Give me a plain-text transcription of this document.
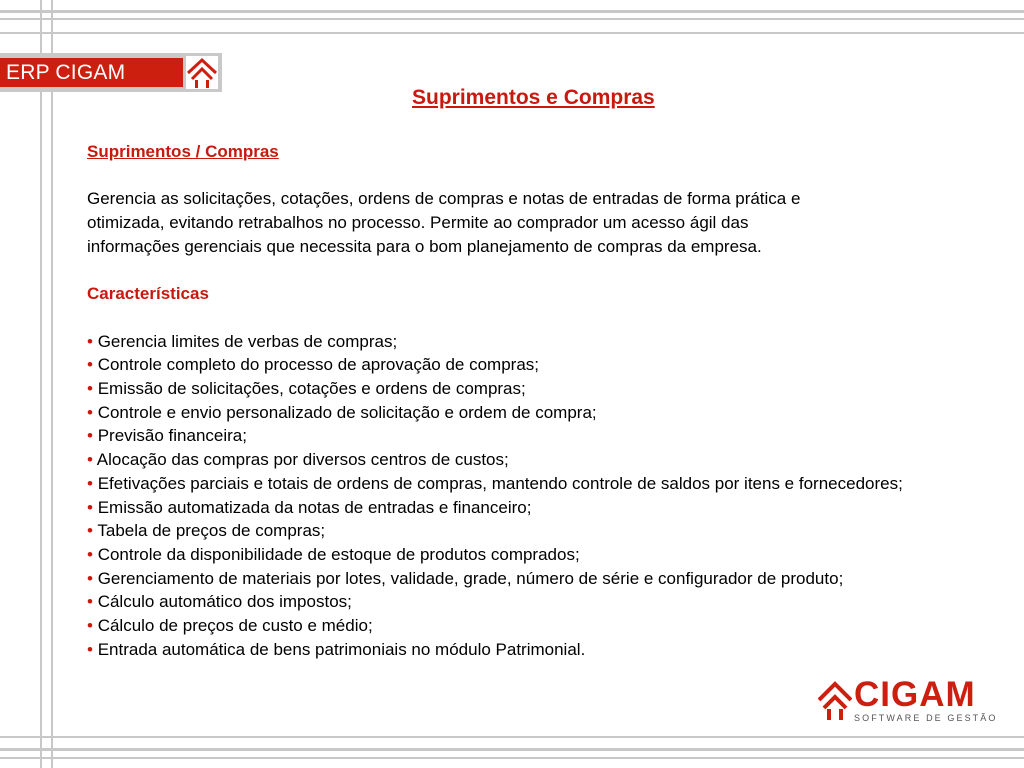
ERP CIGAM
Suprimentos e Compras

Suprimentos / Compras

Gerencia as solicitações, cotações, ordens de compras e notas de entradas de forma prática e
otimizada, evitando retrabalhos no processo. Permite ao comprador um acesso ágil das
informações gerenciais que necessita para o bom planejamento de compras da empresa.

Características

• Gerencia limites de verbas de compras;
• Controle completo do processo de aprovação de compras;
• Emissão de solicitações, cotações e ordens de compras;
• Controle e envio personalizado de solicitação e ordem de compra;
• Previsão financeira;
• Alocação das compras por diversos centros de custos;
• Efetivações parciais e totais de ordens de compras, mantendo controle de saldos por itens e fornecedores;
• Emissão automatizada da notas de entradas e financeiro;
• Tabela de preços de compras;
• Controle da disponibilidade de estoque de produtos comprados;
• Gerenciamento de materiais por lotes, validade, grade, número de série e configurador de produto;
• Cálculo automático dos impostos;
• Cálculo de preços de custo e médio;
• Entrada automática de bens patrimoniais no módulo Patrimonial.
CIGAM
SOFTWARE DE GESTÃO
